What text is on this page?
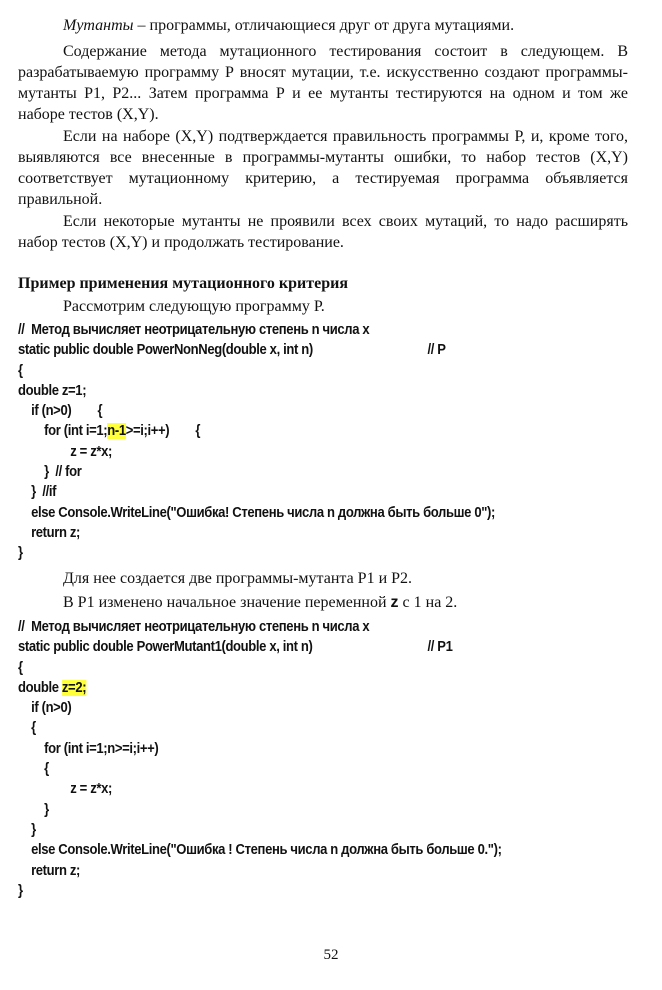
Мутанты – программы, отличающиеся друг от друга мутациями.

Содержание метода мутационного тестирования состоит в следующем. В разрабатываемую программу Р вносят мутации, т.е. искусственно создают программы-мутанты P1, P2... Затем программа Р и ее мутанты тестируются на одном и том же наборе тестов (X,Y).

Если на наборе (X,Y) подтверждается правильность программы Р, и, кроме того, выявляются все внесенные в программы-мутанты ошибки, то набор тестов (X,Y) соответствует мутационному критерию, а тестируемая программа объявляется правильной.

Если некоторые мутанты не проявили всех своих мутаций, то надо расширять набор тестов (X,Y) и продолжать тестирование.

Пример применения мутационного критерия

Рассмотрим следующую программу Р.

//  Метод вычисляет неотрицательную степень n числа x
static public double PowerNonNeg(double x, int n)	// P
{
double z=1;
if (n>0)        {
for (int i=1;n-1>=i;i++)        {
z = z*x;
}  // for
}  //if
else Console.WriteLine("Ошибка! Степень числа n должна быть больше 0");
return z;
}

Для нее создается две программы-мутанта Р1 и Р2.

В Р1 изменено начальное значение переменной z с 1 на 2.

//  Метод вычисляет неотрицательную степень n числа x
static public double PowerMutant1(double x, int n)	// P1
{
double z=2;
if (n>0)
{
for (int i=1;n>=i;i++)
{
z = z*x;
}
}
else Console.WriteLine("Ошибка ! Степень числа n должна быть больше 0.");
return z;
}
52
